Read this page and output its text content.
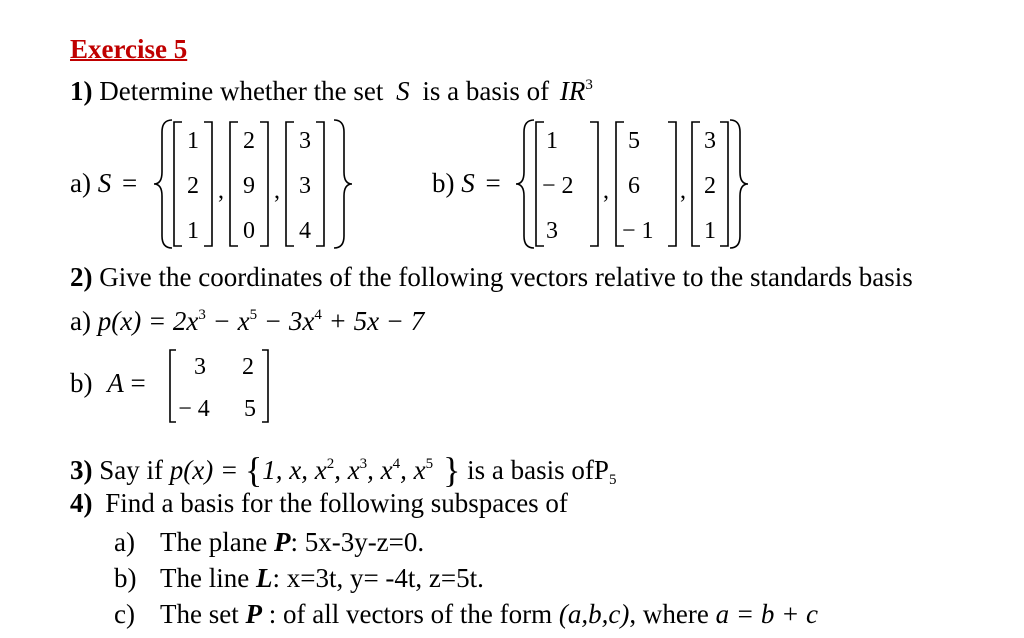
Exercise 5
1) Determine whether the set S is a basis of $IR^3$
a) S =
1
2
1
,
2
9
0
,
3
3
4
b) S =
1
− 2
3
,
5
6
− 1
,
3
2
1
2) Give the coordinates of the following vectors relative to the standards basis
a) $p(x) = 2x^3 - x^5 - 3x^4 + 5x - 7$
b) A =
3 2
− 4 5
3) Say if p(x) = {1, x, $x^2$, $x^3$, $x^4$, $x^5$ } is a basis ofP$_5$
4) Find a basis for the following subspaces of
a) The plane P: 5x-3y-z=0.
b) The line L: x=3t, y= -4t, z=5t.
c) The set P : of all vectors of the form (a,b,c), where a = b + c
